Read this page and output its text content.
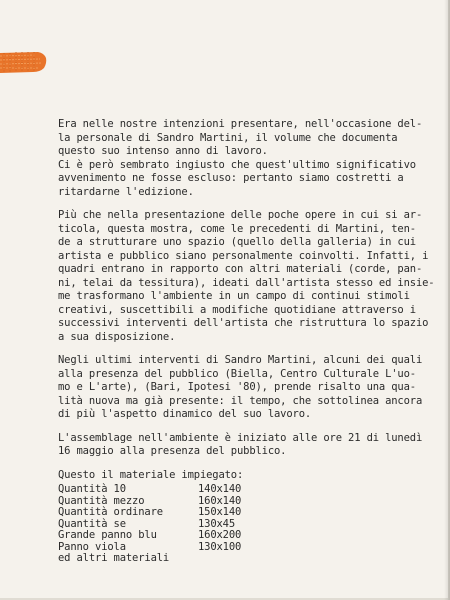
Era nelle nostre intenzioni presentare, nell'occasione del-
la personale di Sandro Martini, il volume che documenta
questo suo intenso anno di lavoro.
Ci è però sembrato ingiusto che quest'ultimo significativo
avvenimento ne fosse escluso: pertanto siamo costretti a
ritardarne l'edizione.

Più che nella presentazione delle poche opere in cui si ar-
ticola, questa mostra, come le precedenti di Martini, ten-
de a strutturare uno spazio (quello della galleria) in cui
artista e pubblico siano personalmente coinvolti. Infatti, i
quadri entrano in rapporto con altri materiali (corde, pan-
ni, telai da tessitura), ideati dall'artista stesso ed insie-
me trasformano l'ambiente in un campo di continui stimoli
creativi, suscettibili a modifiche quotidiane attraverso i
successivi interventi dell'artista che ristruttura lo spazio
a sua disposizione.

Negli ultimi interventi di Sandro Martini, alcuni dei quali
alla presenza del pubblico (Biella, Centro Culturale L'uo-
mo e L'arte), (Bari, Ipotesi '80), prende risalto una qua-
lità nuova ma già presente: il tempo, che sottolinea ancora
di più l'aspetto dinamico del suo lavoro.

L'assemblage nell'ambiente è iniziato alle ore 21 di lunedì
16 maggio alla presenza del pubblico.

Questo il materiale impiegato:

Quantità 10	140x140
Quantità mezzo	160x140
Quantità ordinare	150x140
Quantità se	130x45
Grande panno blu	160x200
Panno viola	130x100
ed altri materiali
